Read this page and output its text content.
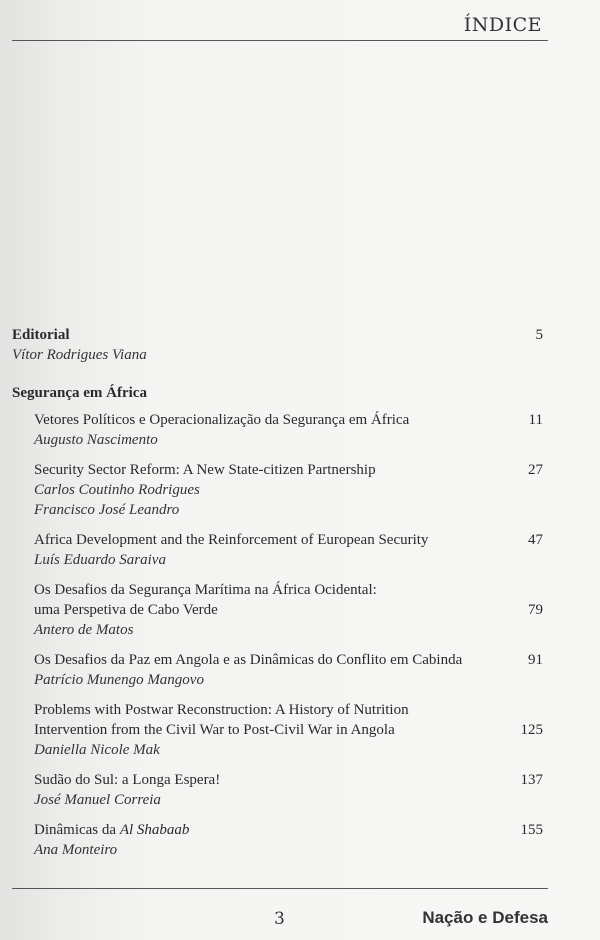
ÍNDICE
Editorial	5
Vítor Rodrigues Viana
Segurança em África
Vetores Políticos e Operacionalização da Segurança em África	11
Augusto Nascimento
Security Sector Reform: A New State-citizen Partnership	27
Carlos Coutinho Rodrigues
Francisco José Leandro
Africa Development and the Reinforcement of European Security	47
Luís Eduardo Saraiva
Os Desafios da Segurança Marítima na África Ocidental:
uma Perspetiva de Cabo Verde	79
Antero de Matos
Os Desafios da Paz em Angola e as Dinâmicas do Conflito em Cabinda	91
Patrício Munengo Mangovo
Problems with Postwar Reconstruction: A History of Nutrition
Intervention from the Civil War to Post-Civil War in Angola	125
Daniella Nicole Mak
Sudão do Sul: a Longa Espera!	137
José Manuel Correia
Dinâmicas da Al Shabaab	155
Ana Monteiro
3	Nação e Defesa
